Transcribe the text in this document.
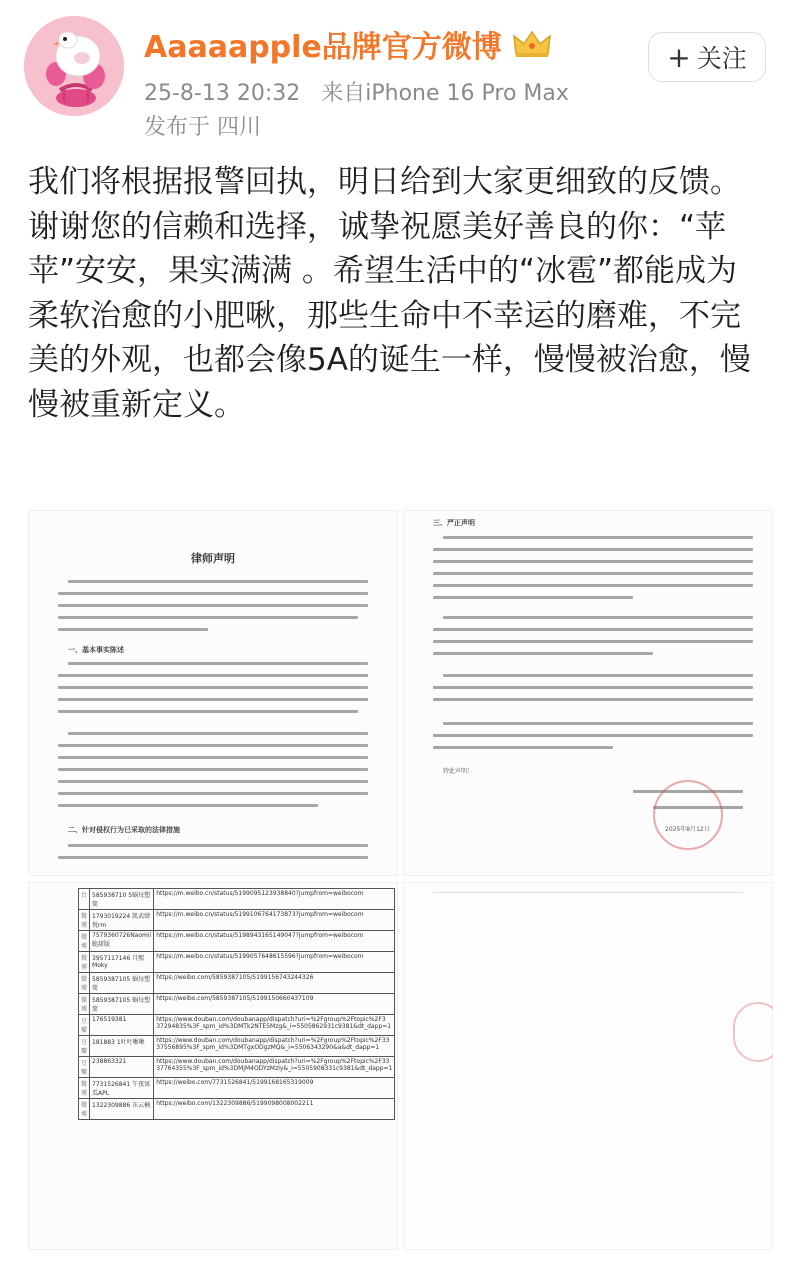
Aaaaapple品牌官方微博
25-8-13 20:32 来自iPhone 16 Pro Max
发布于 四川
+ 关注

我们将根据报警回执，明日给到大家更细致的反馈。

谢谢您的信赖和选择，诚挚祝愿美好善良的你：“苹苹”安安，果实满满 。希望生活中的“冰雹”都能成为柔软治愈的小肥啾，那些生命中不幸运的磨难，不完美的外观，也都会像5A的诞生一样，慢慢被治愈，慢慢被重新定义。

律师声明
一、基本事实陈述
二、针对侵权行为已采取的法律措施
三、严正声明
特此声明！
2025年8月12日
台	585938710 5蜗每塑简	https://m.weibo.cn/status/5199095123938840?jumpfrom=weibocom
微博	1793019224 凯武肆悦rm	https://m.weibo.cn/status/5199106764173873?jumpfrom=weibocom
微博	7579360726Naomii 脆甜版	https://m.weibo.cn/status/5198943165149047?jumpfrom=weibocom
微博	3957117146 月熙 Moky	https://m.weibo.cn/status/5199057648615596?jumpfrom=weibocom
微博	5859387105 蜗每塑简	https://weibo.com/5859387105/5199156743244326
微博	5859387105 蜗每塑简	https://weibo.com/5859387105/5199150660437109
豆瓣	176519381	https://www.douban.com/doubanapp/dispatch?uri=%2Fgroup%2Ftopic%2F3 37294835%3F_spm_id%3DMTk2NTE5Mzg&_i=5505862931c9381&dt_dapp=1
豆瓣	181883 1叶叶啾啾	https://www.douban.com/doubanapp/dispatch?uri=%2Fgroup%2Ftopic%2F33 37556895%3F_spm_id%3DMTgxODgzMQ&_i=5506343290&a&dt_dapp=1
豆瓣	238863321	https://www.douban.com/doubanapp/dispatch?uri=%2Fgroup%2Ftopic%2F33 37764355%3F_spm_id%3DMjM4ODYzMzIy&_i=5505908331c9381&dt_dapp=1
微博	7731526841 午夜寓瓜APL	https://weibo.com/7731526841/5199168165319009
微博	1322309886 东云楠	https://weibo.com/1322309886/5199098008002211
